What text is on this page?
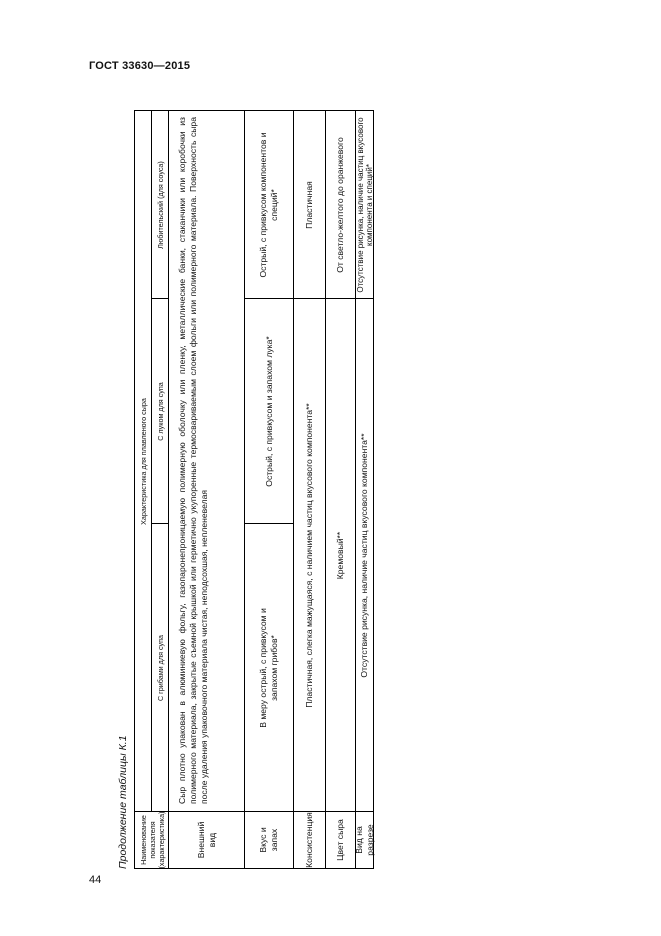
ГОСТ 33630—2015
44
Продолжение таблицы К.1	Наименование показателя (характеристика)
Характеристика для плавленого сыра
С грибами для супа
С луком для супа
Любительский (для соуса)
Внешний вид
Сыр плотно упакован в алюминиевую фольгу, газопаронепроницаемую полимерную оболочку или пленку, металлические банки, стаканчики или коробочки из полимерного материала, закрытые съемной крышкой или герметично укупоренные термосвариваемым слоем фольги или полимерного материала. Поверхность сыра после удаления упаковочного материала чистая, неподсохшая, непленевелая
Вкус и запах
В меру острый, с привкусом и запахом грибов*
Острый, с привкусом и запахом лука*
Острый, с привкусом компонентов и специй*
Консистенция
Пластичная, слегка мажущаяся, с наличием частиц вкусового компонента**
Пластичная
Цвет сыра
Кремовый**
От светло-желтого до оранжевого
Вид на разрезе
Отсутствие рисунка, наличие частиц вкусового компонента**
Отсутствие рисунка, наличие частиц вкусового компонента и специй*
